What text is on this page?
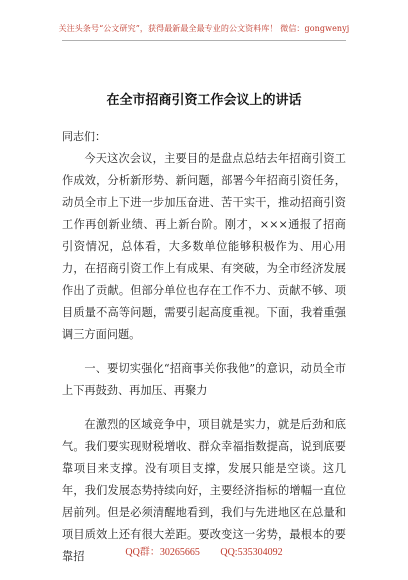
关注头条号“公文研究”，获得最新最全最专业的公文资料库！ 微信：gongwenyj
在全市招商引资工作会议上的讲话
同志们：

今天这次会议，主要目的是盘点总结去年招商引资工作成效，分析新形势、新问题，部署今年招商引资任务，动员全市上下进一步加压奋进、苦干实干，推动招商引资工作再创新业绩、再上新台阶。刚才，×××通报了招商引资情况，总体看，大多数单位能够积极作为、用心用力，在招商引资工作上有成果、有突破，为全市经济发展作出了贡献。但部分单位也存在工作不力、贡献不够、项目质量不高等问题，需要引起高度重视。下面，我着重强调三方面问题。

一、要切实强化“招商事关你我他”的意识，动员全市上下再鼓劲、再加压、再聚力

在激烈的区域竞争中，项目就是实力，就是后劲和底气。我们要实现财税增收、群众幸福指数提高，说到底要靠项目来支撑。没有项目支撑，发展只能是空谈。这几年，我们发展态势持续向好，主要经济指标的增幅一直位居前列。但是必须清醒地看到，我们与先进地区在总量和项目质效上还有很大差距。要改变这一劣势，最根本的要靠招	QQ群：30265665 QQ:535304092
